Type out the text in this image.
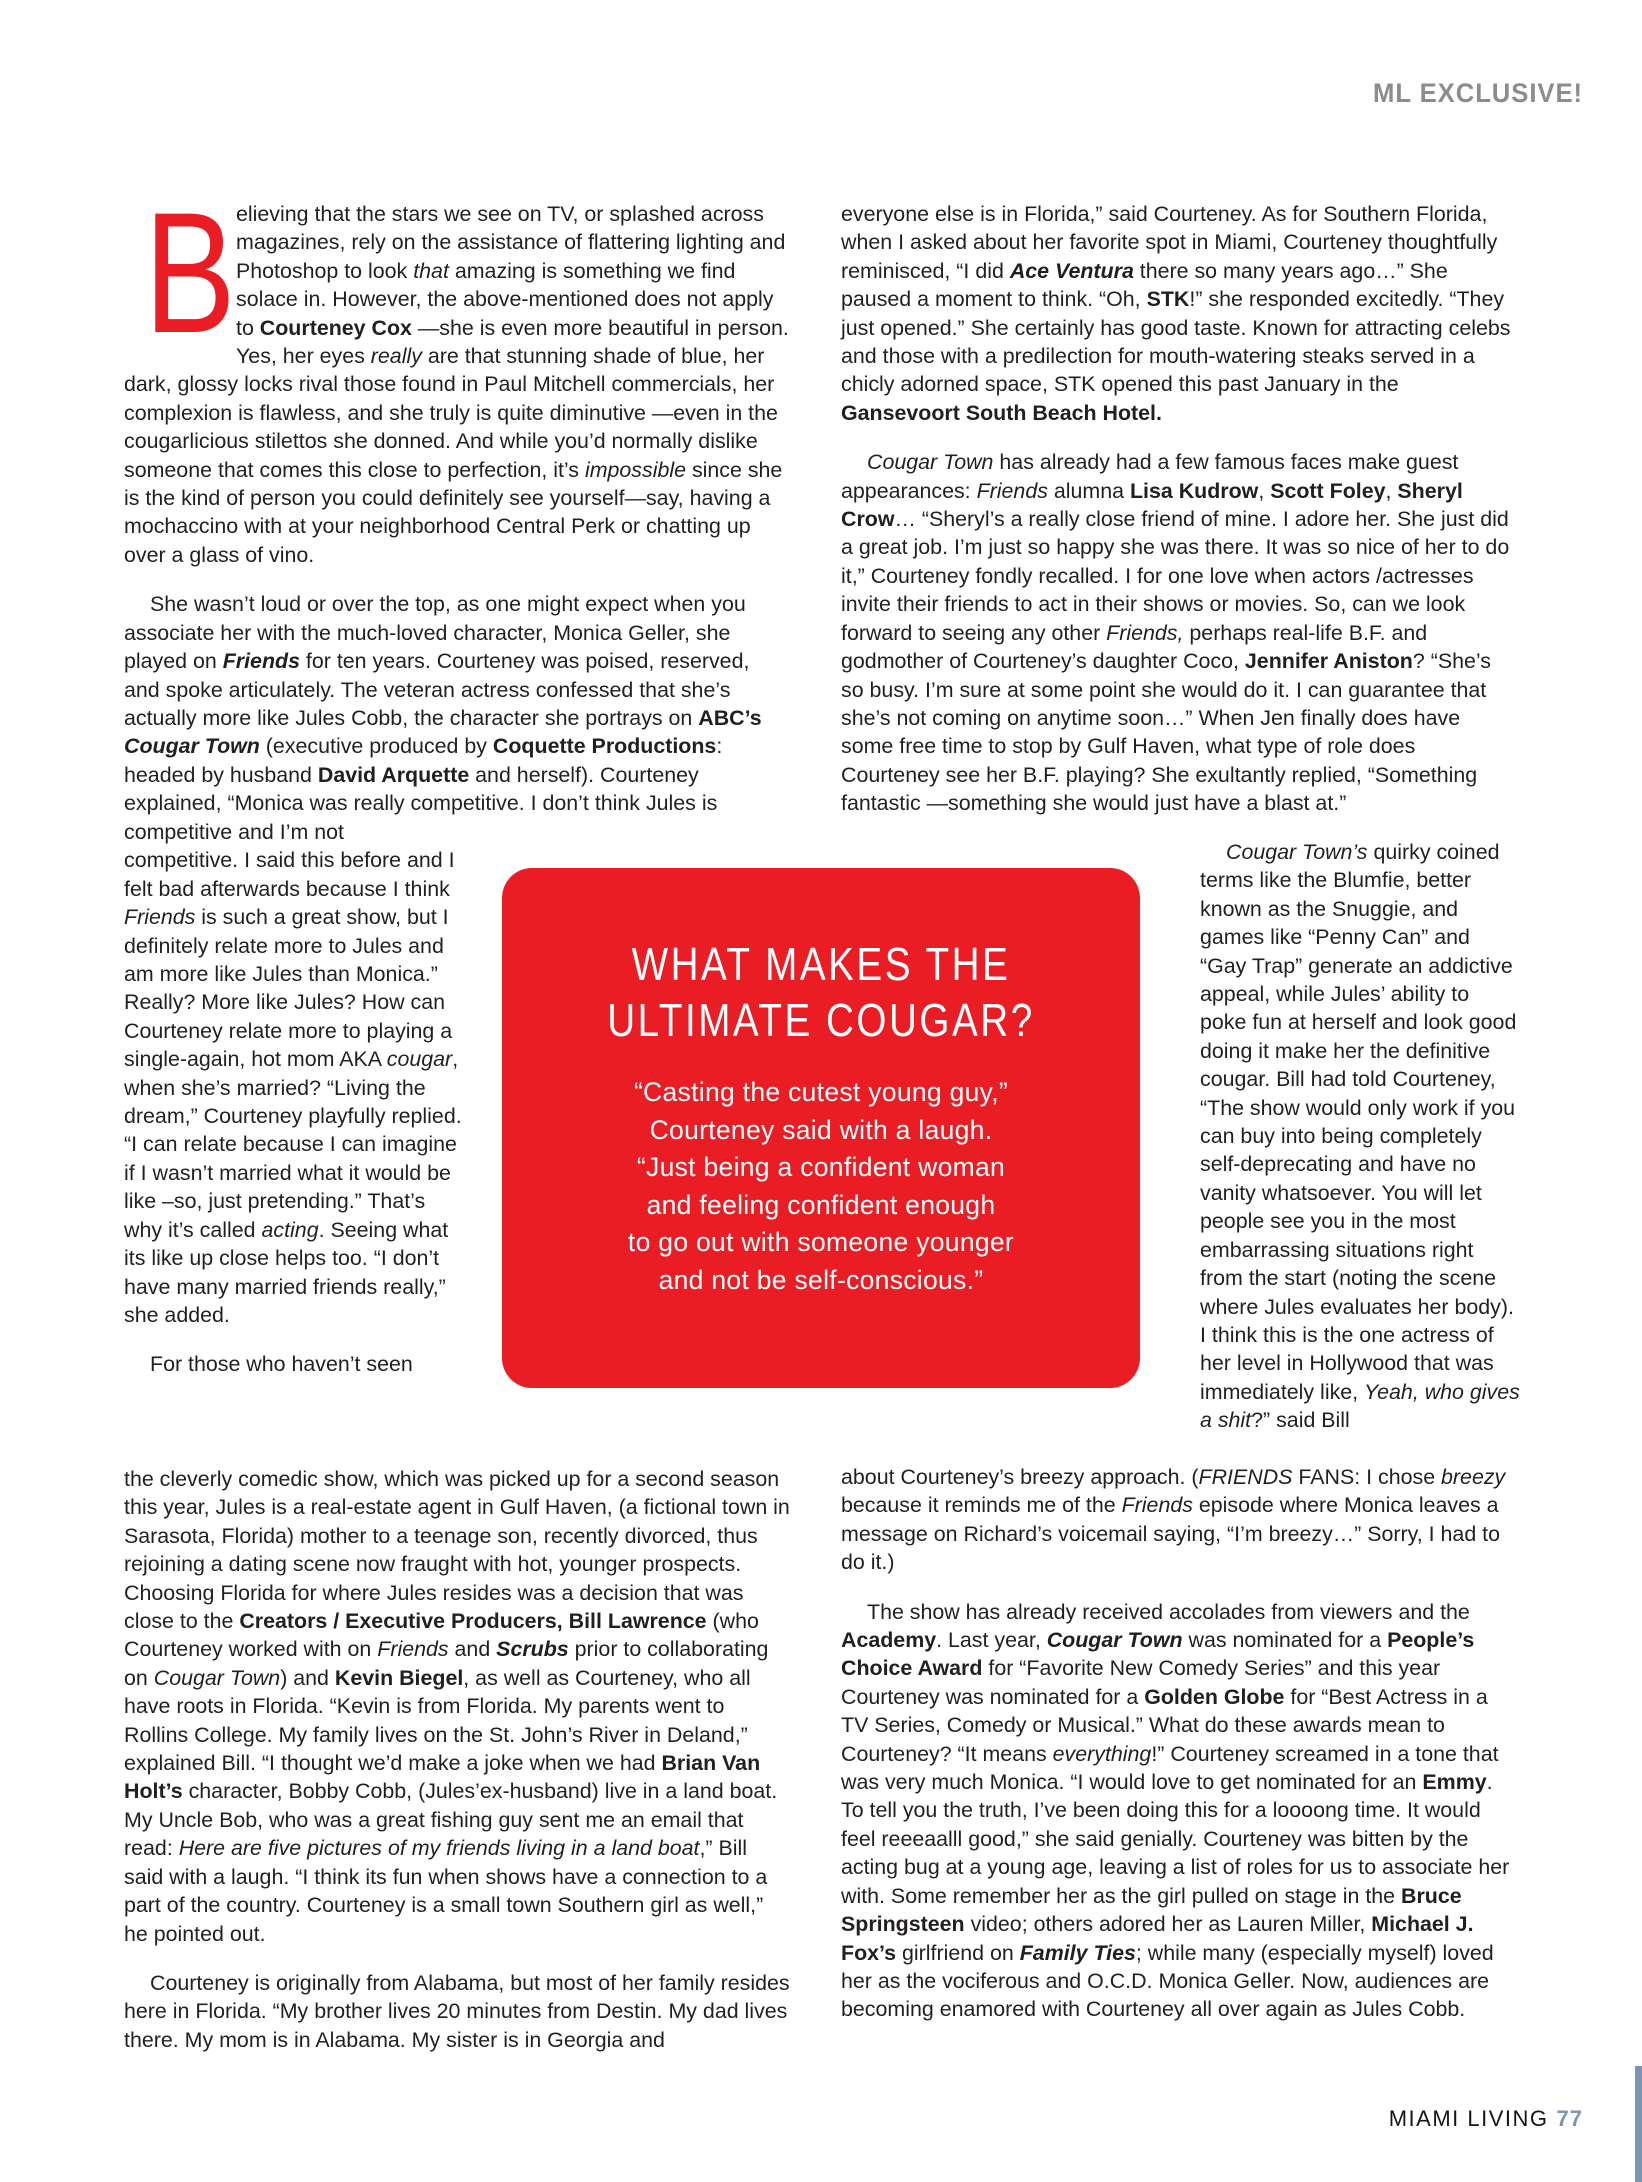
ML EXCLUSIVE!

Believing that the stars we see on TV, or splashed across magazines, rely on the assistance of flattering lighting and Photoshop to look that amazing is something we find solace in. However, the above-mentioned does not apply to Courteney Cox —she is even more beautiful in person. Yes, her eyes really are that stunning shade of blue, her dark, glossy locks rival those found in Paul Mitchell commercials, her complexion is flawless, and she truly is quite diminutive —even in the cougarlicious stilettos she donned. And while you’d normally dislike someone that comes this close to perfection, it’s impossible since she is the kind of person you could definitely see yourself—say, having a mochaccino with at your neighborhood Central Perk or chatting up over a glass of vino.

She wasn’t loud or over the top, as one might expect when you associate her with the much-loved character, Monica Geller, she played on Friends for ten years. Courteney was poised, reserved, and spoke articulately. The veteran actress confessed that she’s actually more like Jules Cobb, the character she portrays on ABC’s Cougar Town (executive produced by Coquette Productions: headed by husband David Arquette and herself). Courteney explained, “Monica was really competitive. I don’t think Jules is

competitive and I’m not competitive. I said this before and I felt bad afterwards because I think Friends is such a great show, but I definitely relate more to Jules and am more like Jules than Monica.” Really? More like Jules? How can Courteney relate more to playing a single-again, hot mom AKA cougar, when she’s married? “Living the dream,” Courteney playfully replied. “I can relate because I can imagine if I wasn’t married what it would be like –so, just pretending.” That’s why it’s called acting. Seeing what its like up close helps too. “I don’t have many married friends really,” she added.

For those who haven’t seen

the cleverly comedic show, which was picked up for a second season this year, Jules is a real-estate agent in Gulf Haven, (a fictional town in Sarasota, Florida) mother to a teenage son, recently divorced, thus rejoining a dating scene now fraught with hot, younger prospects. Choosing Florida for where Jules resides was a decision that was close to the Creators / Executive Producers, Bill Lawrence (who Courteney worked with on Friends and Scrubs prior to collaborating on Cougar Town) and Kevin Biegel, as well as Courteney, who all have roots in Florida. “Kevin is from Florida. My parents went to Rollins College. My family lives on the St. John’s River in Deland,” explained Bill. “I thought we’d make a joke when we had Brian Van Holt’s character, Bobby Cobb, (Jules’ex-husband) live in a land boat. My Uncle Bob, who was a great fishing guy sent me an email that read: Here are five pictures of my friends living in a land boat,” Bill said with a laugh. “I think its fun when shows have a connection to a part of the country. Courteney is a small town Southern girl as well,” he pointed out.

Courteney is originally from Alabama, but most of her family resides here in Florida. “My brother lives 20 minutes from Destin. My dad lives there. My mom is in Alabama. My sister is in Georgia and

everyone else is in Florida,” said Courteney. As for Southern Florida, when I asked about her favorite spot in Miami, Courteney thoughtfully reminisced, “I did Ace Ventura there so many years ago…” She paused a moment to think. “Oh, STK!” she responded excitedly. “They just opened.” She certainly has good taste. Known for attracting celebs and those with a predilection for mouth-watering steaks served in a chicly adorned space, STK opened this past January in the Gansevoort South Beach Hotel.

Cougar Town has already had a few famous faces make guest appearances: Friends alumna Lisa Kudrow, Scott Foley, Sheryl Crow… “Sheryl’s a really close friend of mine. I adore her. She just did a great job. I’m just so happy she was there. It was so nice of her to do it,” Courteney fondly recalled. I for one love when actors /actresses invite their friends to act in their shows or movies. So, can we look forward to seeing any other Friends, perhaps real-life B.F. and godmother of Courteney’s daughter Coco, Jennifer Aniston? “She’s so busy. I’m sure at some point she would do it. I can guarantee that she’s not coming on anytime soon…” When Jen finally does have some free time to stop by Gulf Haven, what type of role does Courteney see her B.F. playing? She exultantly replied, “Something fantastic —something she would just have a blast at.”

Cougar Town’s quirky coined terms like the Blumfie, better known as the Snuggie, and games like “Penny Can” and “Gay Trap” generate an addictive appeal, while Jules’ ability to poke fun at herself and look good doing it make her the definitive cougar. Bill had told Courteney, “The show would only work if you can buy into being completely self-deprecating and have no vanity whatsoever. You will let people see you in the most embarrassing situations right from the start (noting the scene where Jules evaluates her body). I think this is the one actress of her level in Hollywood that was immediately like, Yeah, who gives a shit?” said Bill

about Courteney’s breezy approach. (FRIENDS FANS: I chose breezy because it reminds me of the Friends episode where Monica leaves a message on Richard’s voicemail saying, “I’m breezy…” Sorry, I had to do it.)

The show has already received accolades from viewers and the Academy. Last year, Cougar Town was nominated for a People’s Choice Award for “Favorite New Comedy Series” and this year Courteney was nominated for a Golden Globe for “Best Actress in a TV Series, Comedy or Musical.” What do these awards mean to Courteney? “It means everything!” Courteney screamed in a tone that was very much Monica. “I would love to get nominated for an Emmy. To tell you the truth, I’ve been doing this for a loooong time. It would feel reeeaalll good,” she said genially. Courteney was bitten by the acting bug at a young age, leaving a list of roles for us to associate her with. Some remember her as the girl pulled on stage in the Bruce Springsteen video; others adored her as Lauren Miller, Michael J. Fox’s girlfriend on Family Ties; while many (especially myself) loved her as the vociferous and O.C.D. Monica Geller. Now, audiences are becoming enamored with Courteney all over again as Jules Cobb.

WHAT MAKES THE
ULTIMATE COUGAR?
“Casting the cutest young guy,”
Courteney said with a laugh.
“Just being a confident woman
and feeling confident enough
to go out with someone younger
and not be self-conscious.”
MIAMI LIVING 77
